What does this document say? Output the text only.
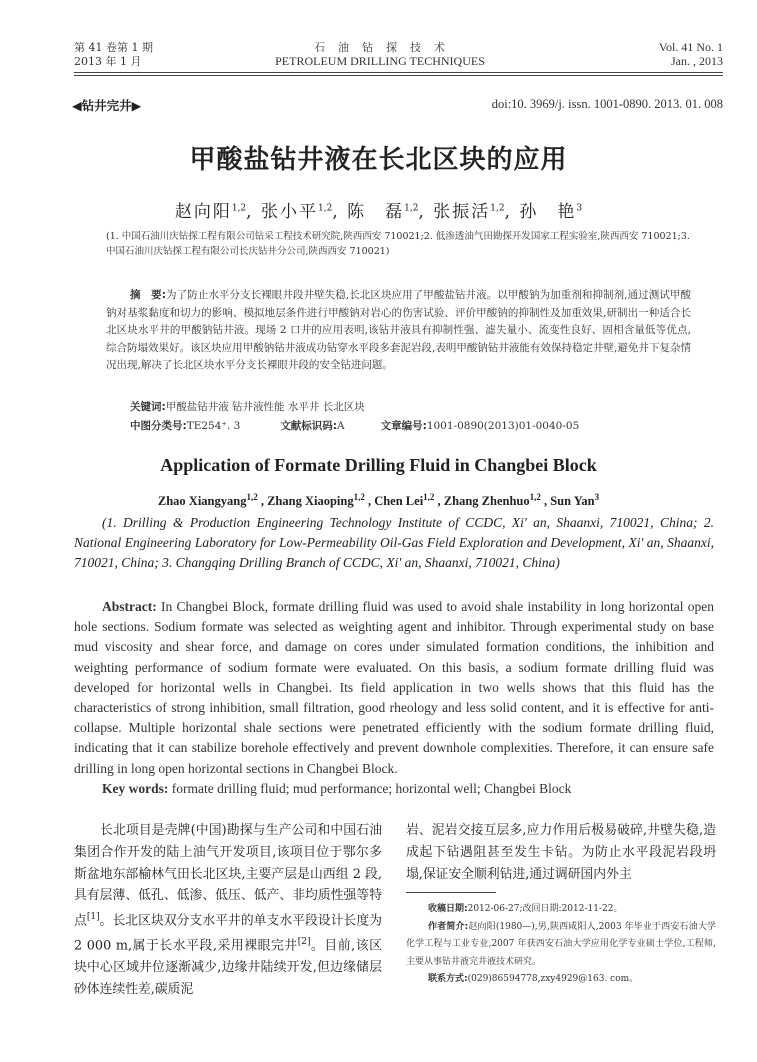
第 41 卷第 1 期
2013 年 1 月
石　油　钻　探　技　术
PETROLEUM DRILLING TECHNIQUES
Vol. 41 No. 1
Jan. , 2013
◀钻井完井▶	doi:10. 3969/j. issn. 1001-0890. 2013. 01. 008
甲酸盐钻井液在长北区块的应用
赵向阳$^{1,2}$, 张小平$^{1,2}$, 陈　磊$^{1,2}$, 张振活$^{1,2}$, 孙　艳$^3$
(1. 中国石油川庆钻探工程有限公司钻采工程技术研究院,陕西西安 710021;2. 低渗透油气田勘探开发国家工程实验室,陕西西安 710021;3. 中国石油川庆钻探工程有限公司长庆钻井分公司,陕西西安 710021)
摘　要:为了防止水平分支长裸眼井段井壁失稳,长北区块应用了甲酸盐钻井液。以甲酸钠为加重剂和抑制剂,通过测试甲酸钠对基浆黏度和切力的影响、模拟地层条件进行甲酸钠对岩心的伤害试验、评价甲酸钠的抑制性及加重效果,研制出一种适合长北区块水平井的甲酸钠钻井液。现场 2 口井的应用表明,该钻井液具有抑制性强、滤失量小、流变性良好、固相含量低等优点,综合防塌效果好。该区块应用甲酸钠钻井液成功钻穿水平段多套泥岩段,表明甲酸钠钻井液能有效保持稳定井壁,避免井下复杂情况出现,解决了长北区块水平分支长裸眼井段的安全钻进问题。
关键词:甲酸盐钻井液 钻井液性能 水平井 长北区块
中图分类号:TE254⁺. 3	文献标识码:A	文章编号:1001-0890(2013)01-0040-05
Application of Formate Drilling Fluid in Changbei Block
Zhao Xiangyang$^{1,2}$ , Zhang Xiaoping$^{1,2}$ , Chen Lei$^{1,2}$ , Zhang Zhenhuo$^{1,2}$ , Sun Yan$^3$
(1. Drilling & Production Engineering Technology Institute of CCDC, Xi' an, Shaanxi, 710021, China; 2. National Engineering Laboratory for Low-Permeability Oil-Gas Field Exploration and Development, Xi' an, Shaanxi, 710021, China; 3. Changqing Drilling Branch of CCDC, Xi' an, Shaanxi, 710021, China)
Abstract: In Changbei Block, formate drilling fluid was used to avoid shale instability in long horizontal open hole sections. Sodium formate was selected as weighting agent and inhibitor. Through experimental study on base mud viscosity and shear force, and damage on cores under simulated formation conditions, the inhibition and weighting performance of sodium formate were evaluated. On this basis, a sodium formate drilling fluid was developed for horizontal wells in Changbei. Its field application in two wells shows that this fluid has the characteristics of strong inhibition, small filtration, good rheology and less solid content, and it is effective for anti-collapse. Multiple horizontal shale sections were penetrated efficiently with the sodium formate drilling fluid, indicating that it can stabilize borehole effectively and prevent downhole complexities. Therefore, it can ensure safe drilling in long open horizontal sections in Changbei Block.
Key words: formate drilling fluid; mud performance; horizontal well; Changbei Block
长北项目是壳牌(中国)勘探与生产公司和中国石油集团合作开发的陆上油气开发项目,该项目位于鄂尔多斯盆地东部榆林气田长北区块,主要产层是山西组 2 段,具有层薄、低孔、低渗、低压、低产、非均质性强等特点[1]。长北区块双分支水平井的单支水平段设计长度为 2 000 m,属于长水平段,采用裸眼完井[2]。目前,该区块中心区域井位逐渐减少,边缘井陆续开发,但边缘储层砂体连续性差,碳质泥
岩、泥岩交接互层多,应力作用后极易破碎,井壁失稳,造成起下钻遇阻甚至发生卡钻。为防止水平段泥岩段坍塌,保证安全顺利钻进,通过调研国内外主
收稿日期:2012-06-27;改回日期:2012-11-22。
作者简介:赵向阳(1980—),男,陕西咸阳人,2003 年毕业于西安石油大学化学工程与工业专业,2007 年获西安石油大学应用化学专业硕士学位,工程师,主要从事钻井液完井液技术研究。
联系方式:(029)86594778,zxy4929@163. com。
